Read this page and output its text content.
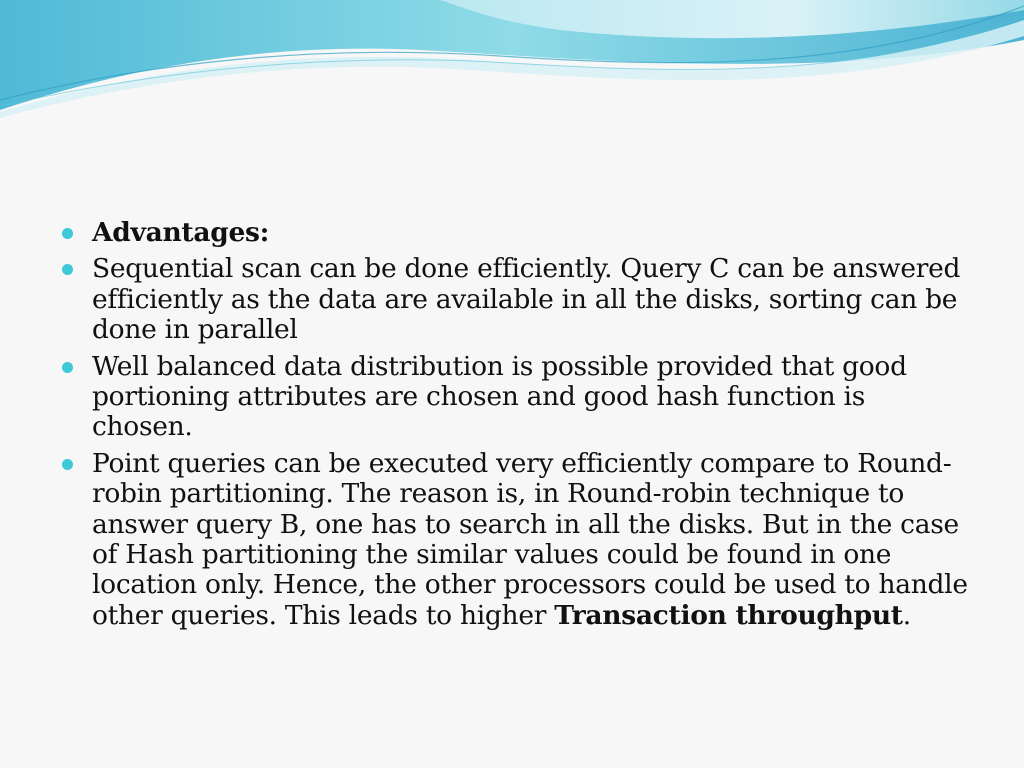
Advantages:
Sequential scan can be done efficiently. Query C can be answered efficiently as the data are available in all the disks, sorting can be done in parallel
Well balanced data distribution is possible provided that good portioning attributes are chosen and good hash function is chosen.
Point queries can be executed very efficiently compare to Round-robin partitioning. The reason is, in Round-robin technique to answer query B, one has to search in all the disks. But in the case of Hash partitioning the similar values could be found in one location only. Hence, the other processors could be used to handle other queries. This leads to higher Transaction throughput.
